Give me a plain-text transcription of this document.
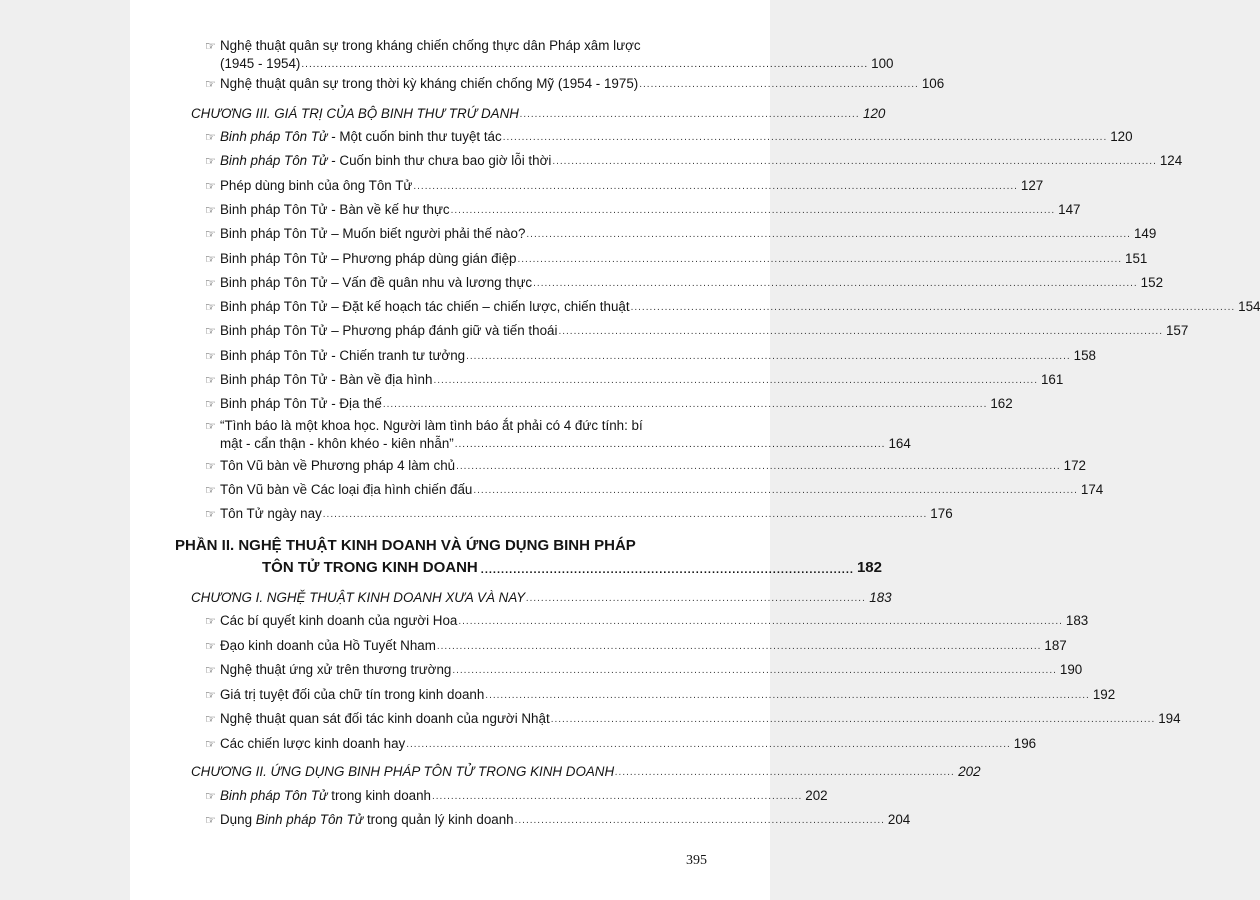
☞ Nghệ thuật quân sự trong kháng chiến chống thực dân Pháp xâm lược
(1945 - 1954) ...................................................................................................................................................... 100
☞ Nghệ thuật quân sự trong thời kỳ kháng chiến chống Mỹ (1954 - 1975) .......................................................................... 106
CHƯƠNG III. GIÁ TRỊ CỦA BỘ BINH THƯ TRỨ DANH .......................................................................................... 120
☞ “Tình báo là một khoa học. Người làm tình báo ắt phải có 4 đức tính: bí
mật - cẩn thận - khôn khéo - kiên nhẫn” .................................................................................................................. 164
PHẦN II. NGHỆ THUẬT KINH DOANH VÀ ỨNG DỤNG BINH PHÁP
TÔN TỬ TRONG KINH DOANH ............................................................................................ 182
CHƯƠNG I. NGHỆ THUẬT KINH DOANH XƯA VÀ NAY .......................................................................................... 183
CHƯƠNG II. ỨNG DỤNG BINH PHÁP TÔN TỬ TRONG KINH DOANH .......................................................................................... 202
☞ Binh pháp Tôn Tử trong kinh doanh .................................................................................................. 202
☞ Dụng Binh pháp Tôn Tử trong quản lý kinh doanh .................................................................................................. 204
395
☞ Binh pháp Tôn Tử - Một cuốn binh thư tuyệt tác ................................................................................................................................................................ 120
☞ Binh pháp Tôn Tử - Cuốn binh thư chưa bao giờ lỗi thời ................................................................................................................................................................ 124
☞ Phép dùng binh của ông Tôn Tử ................................................................................................................................................................ 127
☞ Binh pháp Tôn Tử - Bàn về kế hư thực ................................................................................................................................................................ 147
☞ Binh pháp Tôn Tử – Muốn biết người phải thế nào? ................................................................................................................................................................ 149
☞ Binh pháp Tôn Tử – Phương pháp dùng gián điệp ................................................................................................................................................................ 151
☞ Binh pháp Tôn Tử – Vấn đề quân nhu và lương thực ................................................................................................................................................................ 152
☞ Binh pháp Tôn Tử – Đặt kế hoạch tác chiến – chiến lược, chiến thuật ................................................................................................................................................................ 154
☞ Binh pháp Tôn Tử – Phương pháp đánh giữ và tiến thoái ................................................................................................................................................................ 157
☞ Binh pháp Tôn Tử - Chiến tranh tư tưởng ................................................................................................................................................................ 158
☞ Binh pháp Tôn Tử - Bàn về địa hình ................................................................................................................................................................ 161
☞ Binh pháp Tôn Tử - Địa thế ................................................................................................................................................................ 162
☞ Tôn Vũ bàn về Phương pháp 4 làm chủ ................................................................................................................................................................ 172
☞ Tôn Vũ bàn về Các loại địa hình chiến đấu ................................................................................................................................................................ 174
☞ Tôn Tử ngày nay ................................................................................................................................................................ 176
☞ Các bí quyết kinh doanh của người Hoa ................................................................................................................................................................ 183
☞ Đạo kinh doanh của Hồ Tuyết Nham ................................................................................................................................................................ 187
☞ Nghệ thuật ứng xử trên thương trường ................................................................................................................................................................ 190
☞ Giá trị tuyệt đối của chữ tín trong kinh doanh ................................................................................................................................................................ 192
☞ Nghệ thuật quan sát đối tác kinh doanh của người Nhật ................................................................................................................................................................ 194
☞ Các chiến lược kinh doanh hay ................................................................................................................................................................ 196
